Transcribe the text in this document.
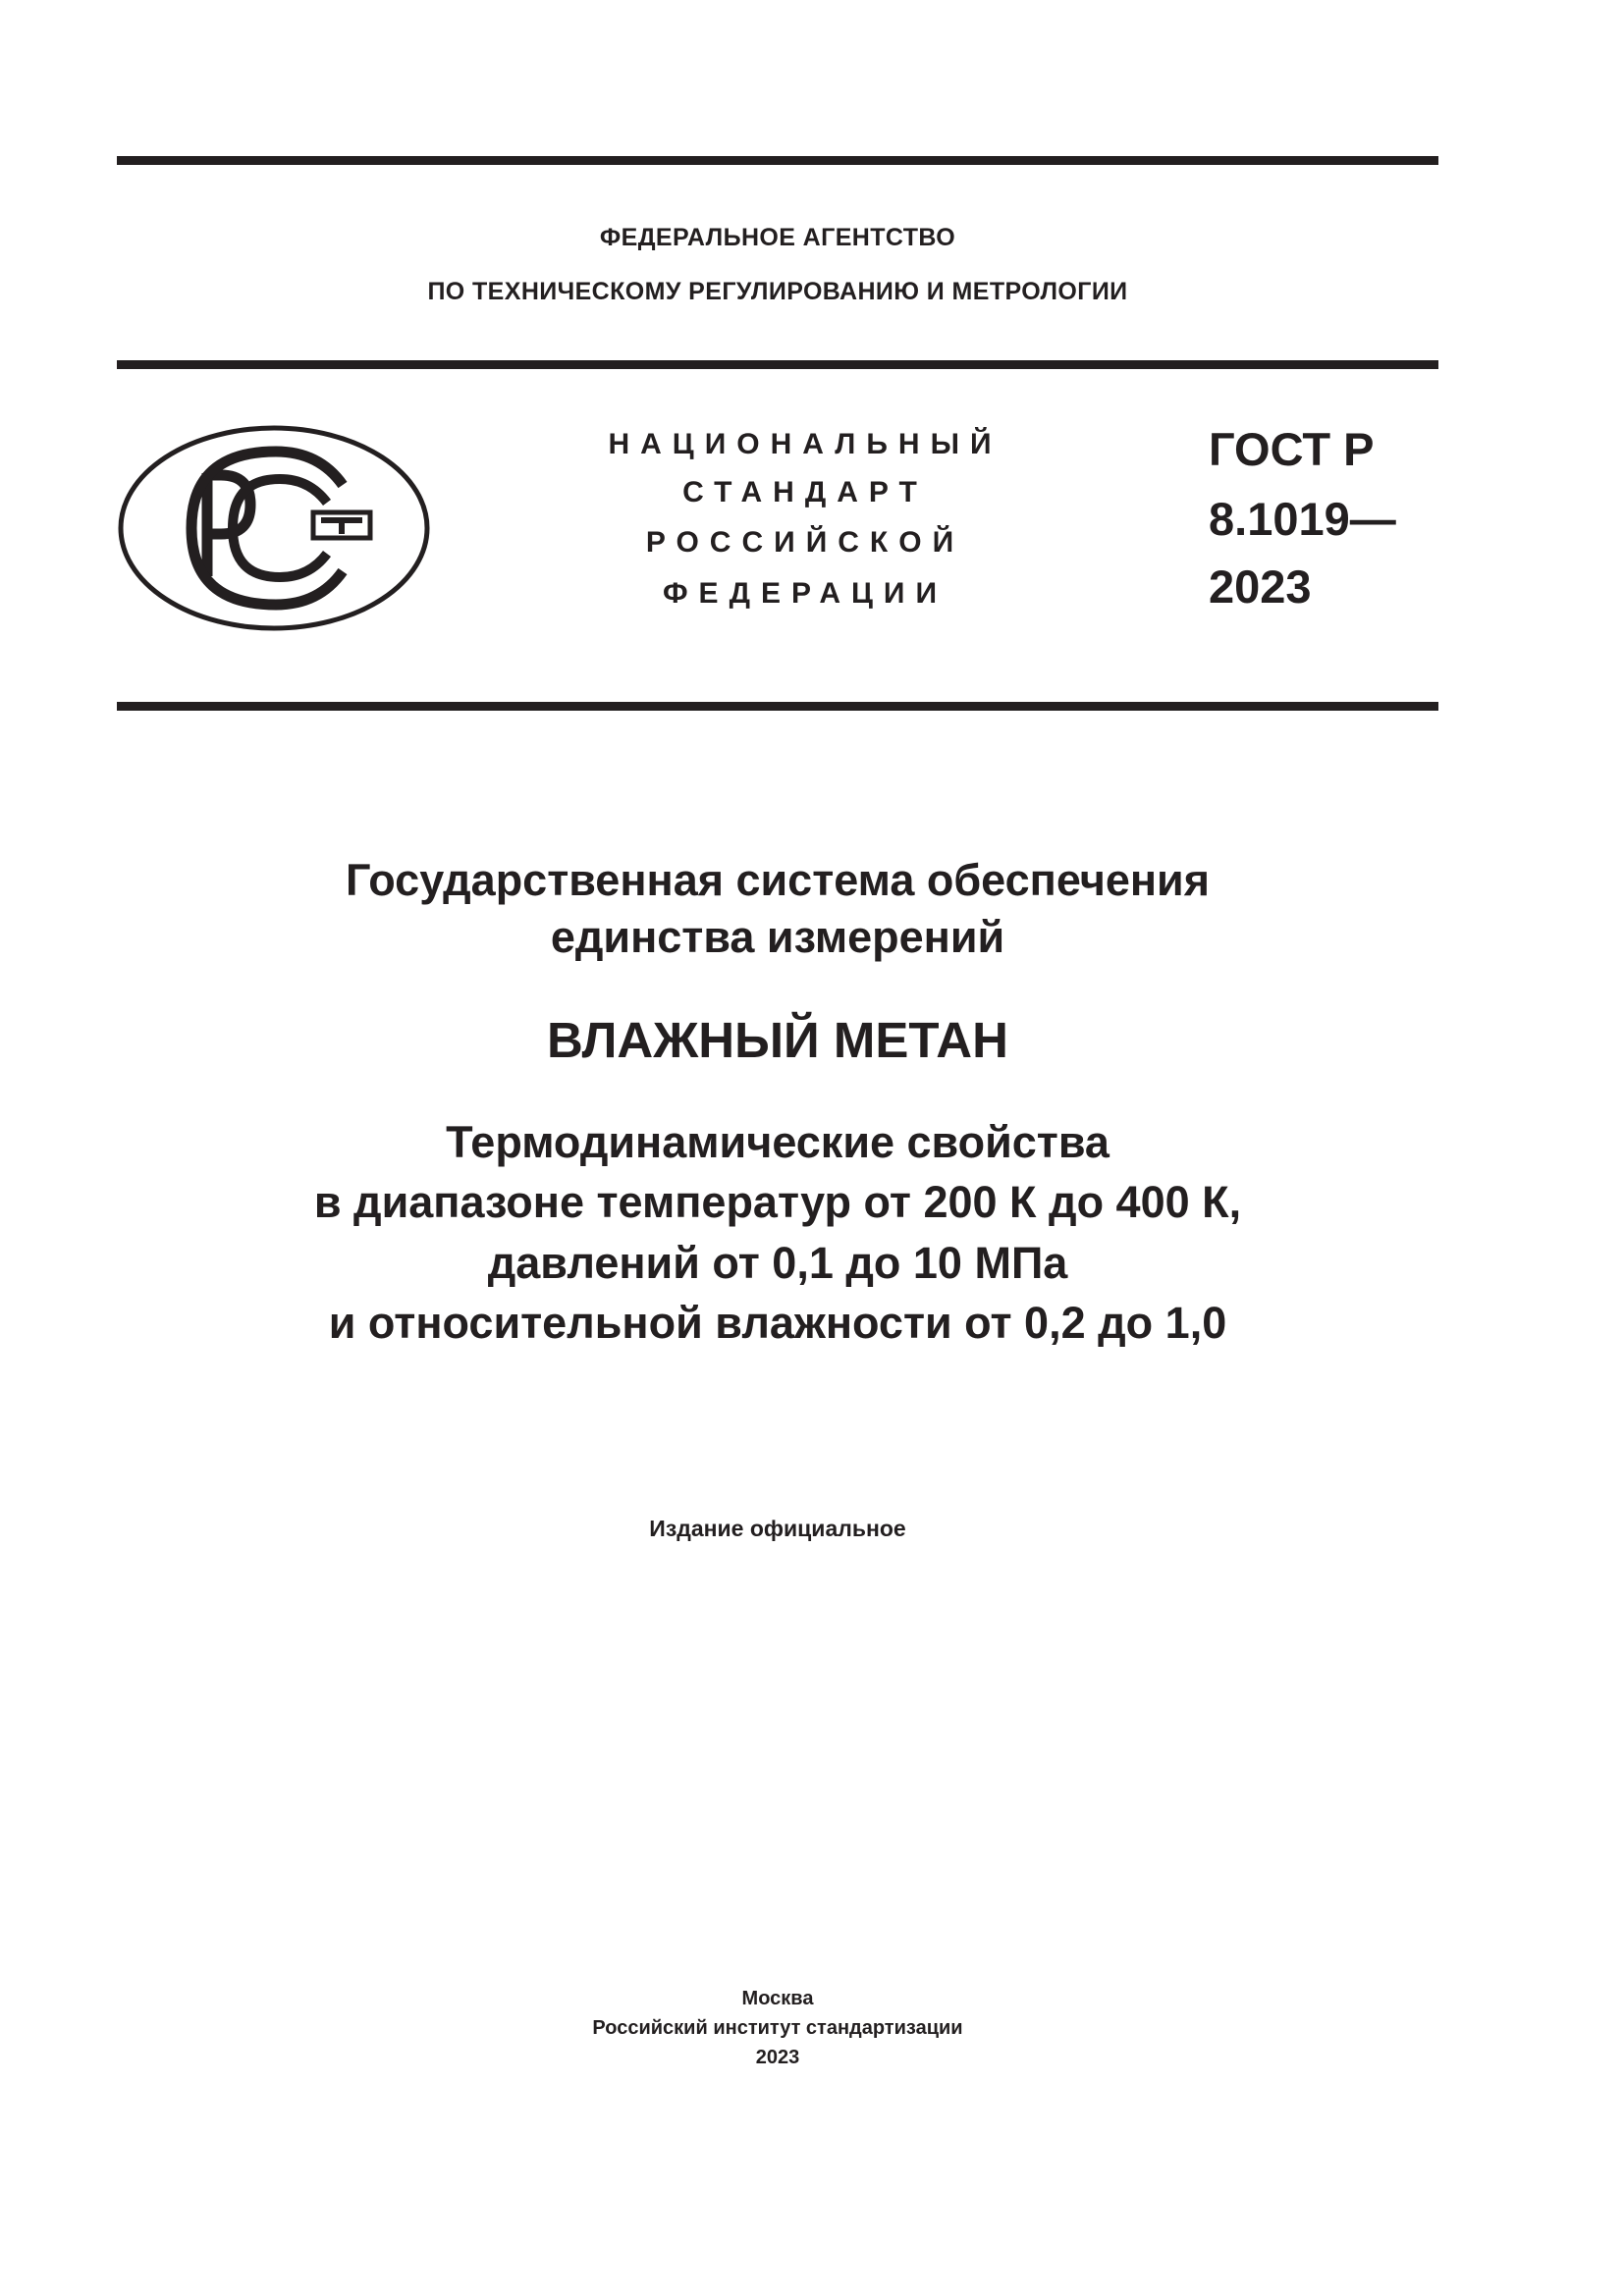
ФЕДЕРАЛЬНОЕ АГЕНТСТВО
ПО ТЕХНИЧЕСКОМУ РЕГУЛИРОВАНИЮ И МЕТРОЛОГИИ
НАЦИОНАЛЬНЫЙ
СТАНДАРТ
РОССИЙСКОЙ
ФЕДЕРАЦИИ
ГОСТ Р
8.1019—
2023
Государственная система обеспечения
единства измерений
ВЛАЖНЫЙ МЕТАН
Термодинамические свойства
в диапазоне температур от 200 К до 400 К,
давлений от 0,1 до 10 МПа
и относительной влажности от 0,2 до 1,0
Издание официальное
Москва
Российский институт стандартизации
2023
